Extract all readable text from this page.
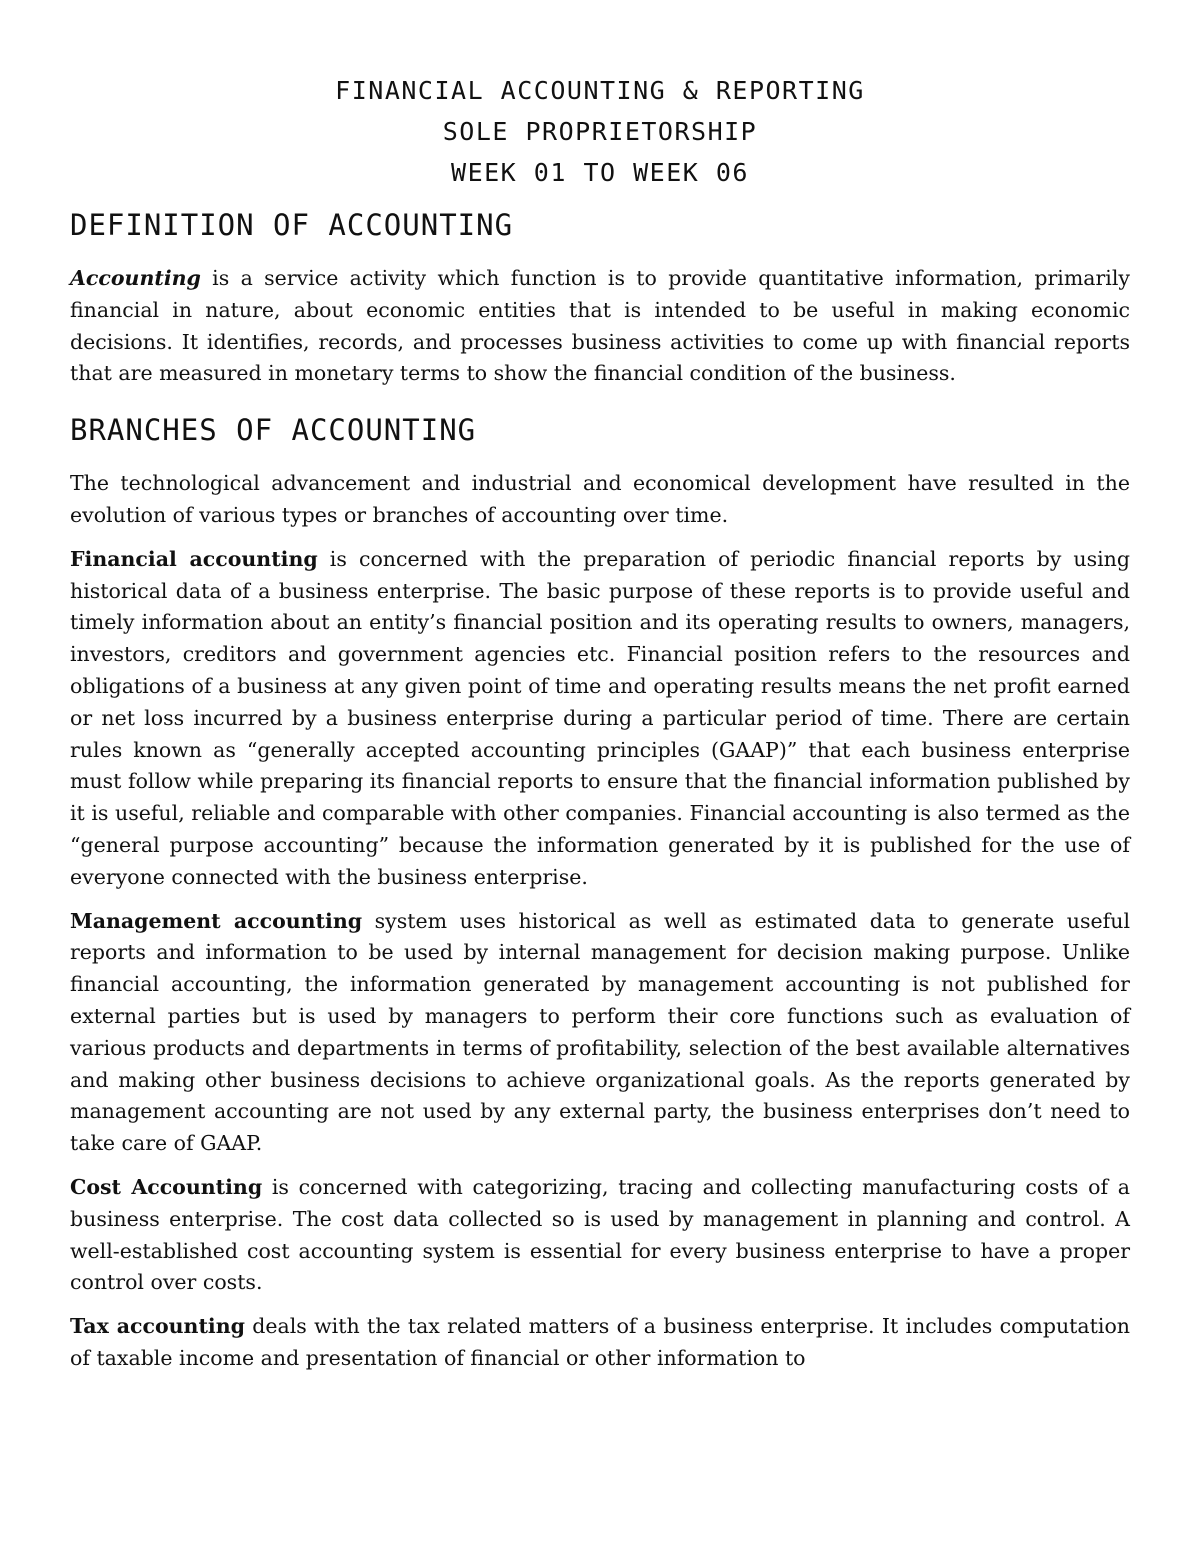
FINANCIAL ACCOUNTING & REPORTING
SOLE PROPRIETORSHIP
WEEK 01 TO WEEK 06
DEFINITION OF ACCOUNTING

Accounting is a service activity which function is to provide quantitative information, primarily financial in nature, about economic entities that is intended to be useful in making economic decisions. It identifies, records, and processes business activities to come up with financial reports that are measured in monetary terms to show the financial condition of the business.

BRANCHES OF ACCOUNTING

The technological advancement and industrial and economical development have resulted in the evolution of various types or branches of accounting over time.

Financial accounting is concerned with the preparation of periodic financial reports by using historical data of a business enterprise. The basic purpose of these reports is to provide useful and timely information about an entity’s financial position and its operating results to owners, managers, investors, creditors and government agencies etc. Financial position refers to the resources and obligations of a business at any given point of time and operating results means the net profit earned or net loss incurred by a business enterprise during a particular period of time. There are certain rules known as “generally accepted accounting principles (GAAP)” that each business enterprise must follow while preparing its financial reports to ensure that the financial information published by it is useful, reliable and comparable with other companies. Financial accounting is also termed as the “general purpose accounting” because the information generated by it is published for the use of everyone connected with the business enterprise.

Management accounting system uses historical as well as estimated data to generate useful reports and information to be used by internal management for decision making purpose. Unlike financial accounting, the information generated by management accounting is not published for external parties but is used by managers to perform their core functions such as evaluation of various products and departments in terms of profitability, selection of the best available alternatives and making other business decisions to achieve organizational goals. As the reports generated by management accounting are not used by any external party, the business enterprises don’t need to take care of GAAP.

Cost Accounting is concerned with categorizing, tracing and collecting manufacturing costs of a business enterprise. The cost data collected so is used by management in planning and control. A well-established cost accounting system is essential for every business enterprise to have a proper control over costs.

Tax accounting deals with the tax related matters of a business enterprise. It includes computation of taxable income and presentation of financial or other information to
